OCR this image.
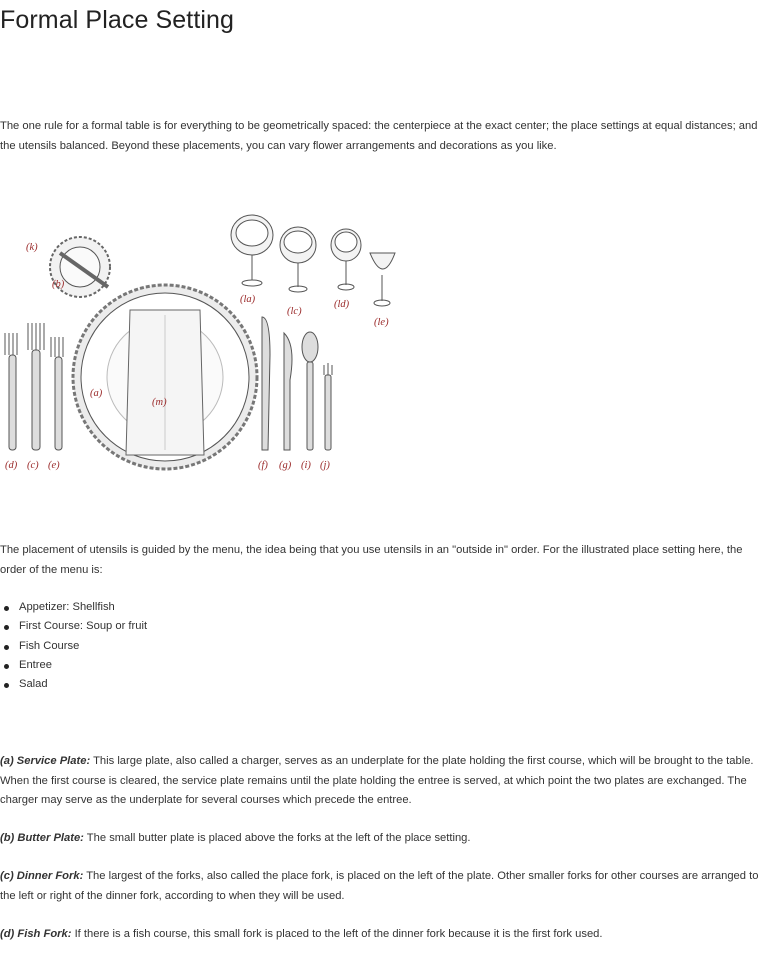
Formal Place Setting

The one rule for a formal table is for everything to be geometrically spaced: the centerpiece at the exact center; the place settings at equal distances; and the utensils balanced. Beyond these placements, you can vary flower arrangements and decorations as you like.

(k)
(b)
(a)
(m)
(la)
(lc)
(ld)
(le)
(d) (c) (e)	(f) (g) (i) (j)

The placement of utensils is guided by the menu, the idea being that you use utensils in an "outside in" order. For the illustrated place setting here, the order of the menu is:

Appetizer: Shellfish
First Course: Soup or fruit
Fish Course
Entree
Salad

(a) Service Plate: This large plate, also called a charger, serves as an underplate for the plate holding the first course, which will be brought to the table. When the first course is cleared, the service plate remains until the plate holding the entree is served, at which point the two plates are exchanged. The charger may serve as the underplate for several courses which precede the entree.

(b) Butter Plate: The small butter plate is placed above the forks at the left of the place setting.

(c) Dinner Fork: The largest of the forks, also called the place fork, is placed on the left of the plate. Other smaller forks for other courses are arranged to the left or right of the dinner fork, according to when they will be used.

(d) Fish Fork: If there is a fish course, this small fork is placed to the left of the dinner fork because it is the first fork used.
